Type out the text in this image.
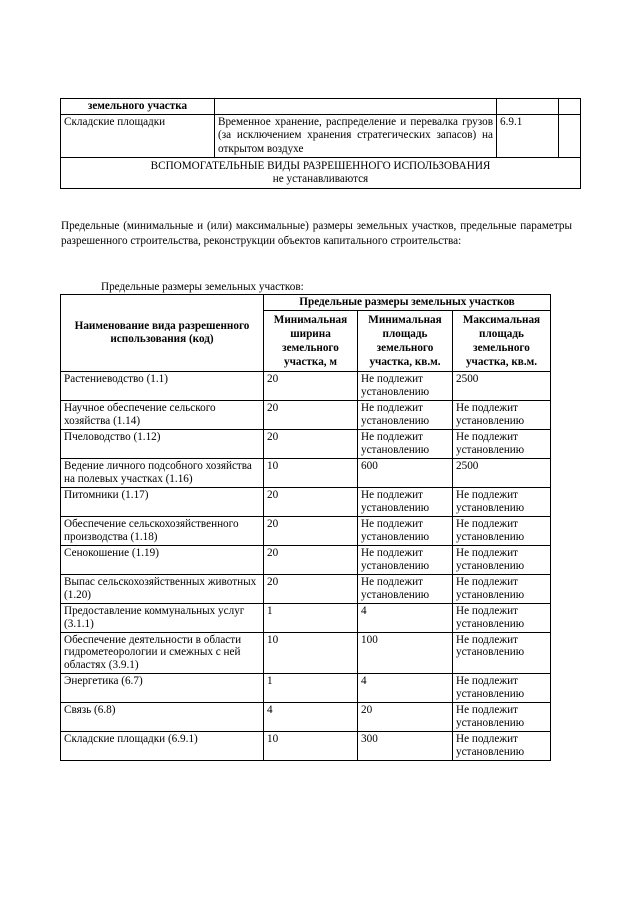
земельного участка			
Складские площадки	Временное хранение, распределение и перевалка грузов (за исключением хранения стратегических запасов) на открытом воздухе	6.9.1	

ВСПОМОГАТЕЛЬНЫЕ ВИДЫ РАЗРЕШЕННОГО ИСПОЛЬЗОВАНИЯ
не устанавливаются			
Предельные (минимальные и (или) максимальные) размеры земельных участков, предельные параметры разрешенного строительства, реконструкции объектов капитального строительства:
Предельные размеры земельных участков:
Наименование вида разрешенного использования (код)	Предельные размеры земельных участков		
	Минимальная ширина земельного участка, м	Минимальная площадь земельного участка, кв.м.	Максимальная площадь земельного участка, кв.м.
Растениеводство (1.1)	20	Не подлежит установлению	2500
Научное обеспечение сельского хозяйства (1.14)	20	Не подлежит установлению	Не подлежит установлению
Пчеловодство (1.12)	20	Не подлежит установлению	Не подлежит установлению
Ведение личного подсобного хозяйства на полевых участках (1.16)	10	600	2500
Питомники (1.17)	20	Не подлежит установлению	Не подлежит установлению
Обеспечение сельскохозяйственного производства (1.18)	20	Не подлежит установлению	Не подлежит установлению
Сенокошение (1.19)	20	Не подлежит установлению	Не подлежит установлению
Выпас сельскохозяйственных животных (1.20)	20	Не подлежит установлению	Не подлежит установлению
Предоставление коммунальных услуг (3.1.1)	1	4	Не подлежит установлению
Обеспечение деятельности в области гидрометеорологии и смежных с ней областях (3.9.1)	10	100	Не подлежит установлению
Энергетика (6.7)	1	4	Не подлежит установлению
Связь (6.8)	4	20	Не подлежит установлению
Складские площадки (6.9.1)	10	300	Не подлежит установлению
